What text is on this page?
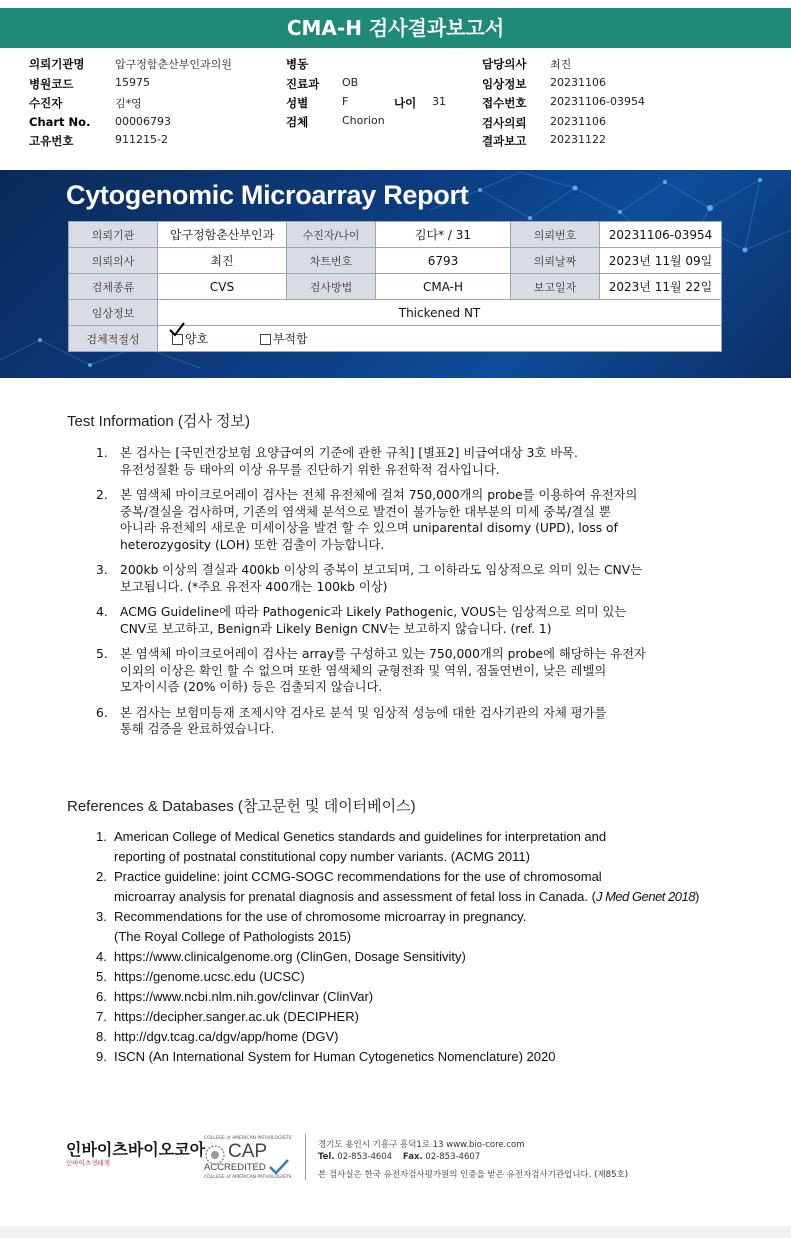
CMA-H 검사결과보고서
의뢰기관명	압구정함춘산부인과의원
병원코드	15975
수진자	김*영
Chart No. 00006793
고유번호	911215-2
병동
진료과 OB
성별	F	나이 31
검체	Chorion
담당의사 최진
임상정보 20231106
접수번호 20231106-03954
검사의뢰 20231106
결과보고 20231122
Cytogenomic Microarray Report
의뢰기관	압구정함춘산부인과	수진자/나이	김다* / 31	의뢰번호	20231106-03954
의뢰의사	최진	차트번호	6793	의뢰날짜	2023년 11월 09일
검체종류	CVS	검사방법	CMA-H	보고일자	2023년 11월 22일
임상정보	Thickened NT				
검체적절성	양호 부적합				
Test Information (검사 정보)
1. 본 검사는 [국민건강보험 요양급여의 기준에 관한 규칙] [별표2] 비급여대상 3호 바목.
유전성질환 등 태아의 이상 유무를 진단하기 위한 유전학적 검사입니다.
2. 본 염색체 마이크로어레이 검사는 전체 유전체에 걸쳐 750,000개의 probe를 이용하여 유전자의
중복/결실을 검사하며, 기존의 염색체 분석으로 발견이 불가능한 대부분의 미세 중복/결실 뿐
아니라 유전체의 새로운 미세이상을 발견 할 수 있으며 uniparental disomy (UPD), loss of
heterozygosity (LOH) 또한 검출이 가능합니다.
3. 200kb 이상의 결실과 400kb 이상의 중복이 보고되며, 그 이하라도 임상적으로 의미 있는 CNV는
보고됩니다. (*주요 유전자 400개는 100kb 이상)
4. ACMG Guideline에 따라 Pathogenic과 Likely Pathogenic, VOUS는 임상적으로 의미 있는
CNV로 보고하고, Benign과 Likely Benign CNV는 보고하지 않습니다. (ref. 1)
5. 본 염색체 마이크로어레이 검사는 array를 구성하고 있는 750,000개의 probe에 해당하는 유전자
이외의 이상은 확인 할 수 없으며 또한 염색체의 균형전좌 및 역위, 점돌연변이, 낮은 레벨의
모자이시즘 (20% 이하) 등은 검출되지 않습니다.
6. 본 검사는 보험미등재 조제시약 검사로 분석 및 임상적 성능에 대한 검사기관의 자체 평가를
통해 검증을 완료하였습니다.
References & Databases (참고문헌 및 데이터베이스)
1. American College of Medical Genetics standards and guidelines for interpretation and
reporting of postnatal constitutional copy number variants. (ACMG 2011)
2. Practice guideline: joint CCMG-SOGC recommendations for the use of chromosomal
microarray analysis for prenatal diagnosis and assessment of fetal loss in Canada. (J Med Genet 2018)
3. Recommendations for the use of chromosome microarray in pregnancy.
(The Royal College of Pathologists 2015)
4. https://www.clinicalgenome.org (ClinGen, Dosage Sensitivity)
5. https://genome.ucsc.edu (UCSC)
6. https://www.ncbi.nlm.nih.gov/clinvar (ClinVar)
7. https://decipher.sanger.ac.uk (DECIPHER)
8. http://dgv.tcag.ca/dgv/app/home (DGV)
9. ISCN (An International System for Human Cytogenetics Nomenclature) 2020
인바이츠바이오코아
인바이츠생태계
COLLEGE of AMERICAN PATHOLOGISTS
CAP
ACCREDITED
COLLEGE of AMERICAN PATHOLOGISTS
경기도 용인시 기흥구 흥덕1로 13 www.bio-core.com
Tel. 02-853-4604 Fax. 02-853-4607
본 검사실은 한국 유전자검사평가원의 인증을 받은 유전자검사기관입니다. (제85호)
